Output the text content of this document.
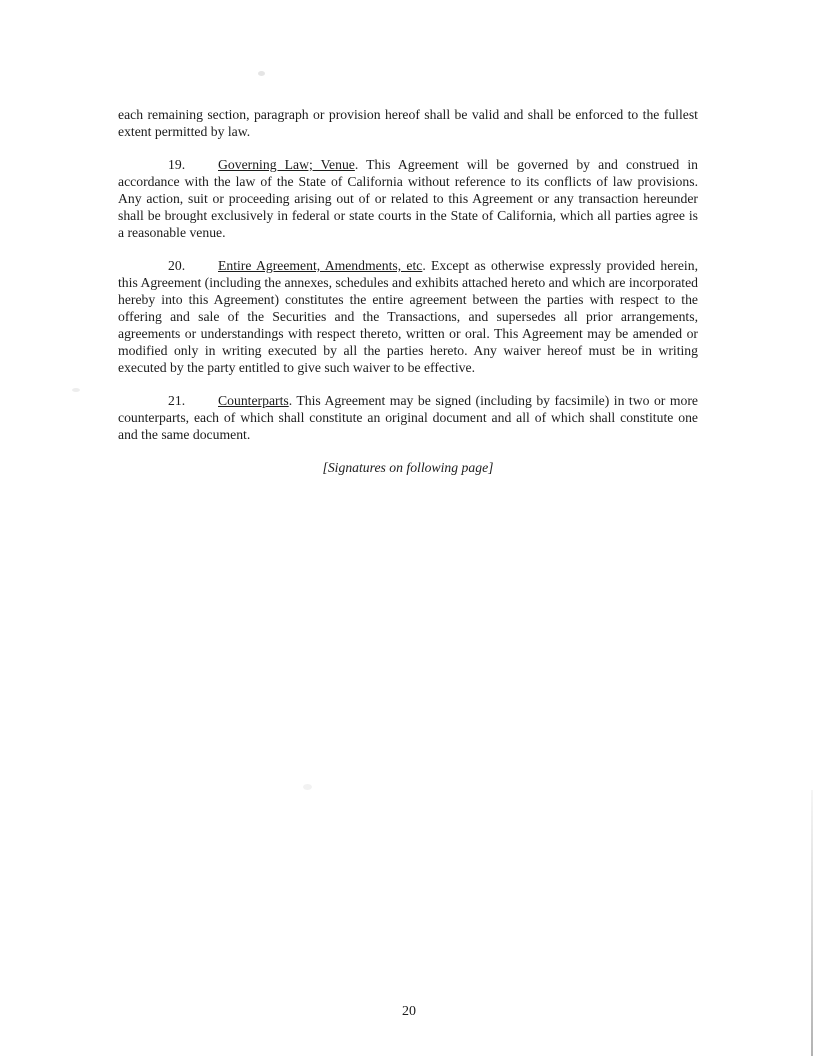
each remaining section, paragraph or provision hereof shall be valid and shall be enforced to the fullest extent permitted by law.

19. Governing Law; Venue. This Agreement will be governed by and construed in accordance with the law of the State of California without reference to its conflicts of law provisions. Any action, suit or proceeding arising out of or related to this Agreement or any transaction hereunder shall be brought exclusively in federal or state courts in the State of California, which all parties agree is a reasonable venue.

20. Entire Agreement, Amendments, etc. Except as otherwise expressly provided herein, this Agreement (including the annexes, schedules and exhibits attached hereto and which are incorporated hereby into this Agreement) constitutes the entire agreement between the parties with respect to the offering and sale of the Securities and the Transactions, and supersedes all prior arrangements, agreements or understandings with respect thereto, written or oral. This Agreement may be amended or modified only in writing executed by all the parties hereto. Any waiver hereof must be in writing executed by the party entitled to give such waiver to be effective.

21. Counterparts. This Agreement may be signed (including by facsimile) in two or more counterparts, each of which shall constitute an original document and all of which shall constitute one and the same document.

[Signatures on following page]

20
